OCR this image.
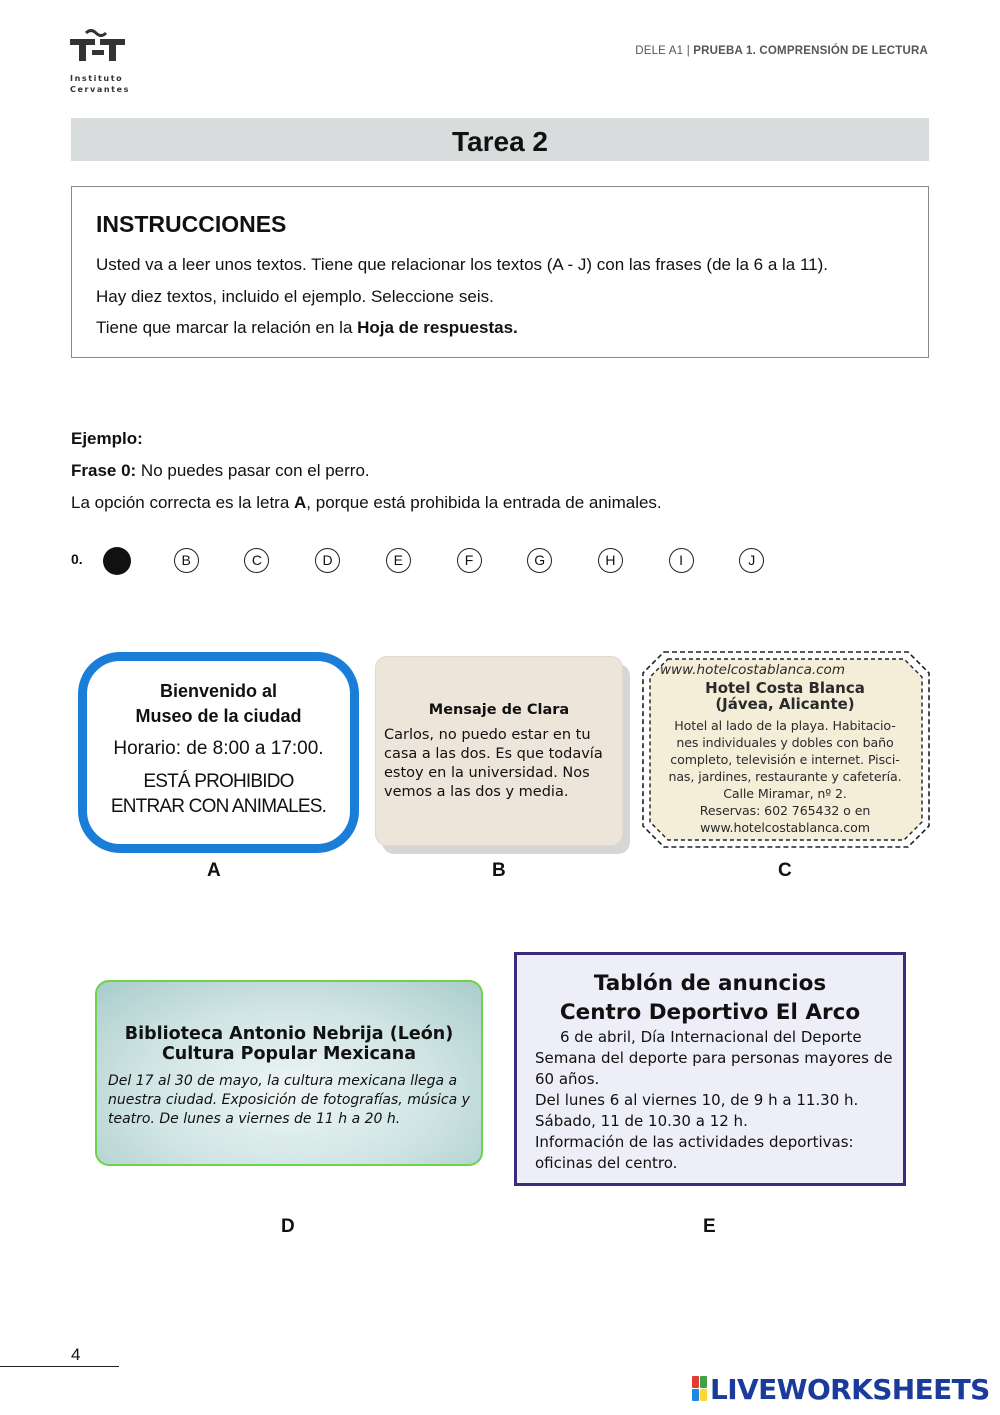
Instituto
Cervantes
DELE A1 | PRUEBA 1. COMPRENSIÓN DE LECTURA
Tarea 2
INSTRUCCIONES
Usted va a leer unos textos. Tiene que relacionar los textos (A - J) con las frases (de la 6 a la 11).
Hay diez textos, incluido el ejemplo. Seleccione seis.
Tiene que marcar la relación en la Hoja de respuestas.
Ejemplo:
Frase 0: No puedes pasar con el perro.
La opción correcta es la letra A, porque está prohibida la entrada de animales.
0.	A	B	C	D	E	F	G	H	I	J
Bienvenido al
Museo de la ciudad
Horario: de 8:00 a 17:00.
ESTÁ PROHIBIDO
ENTRAR CON ANIMALES.
A
Mensaje de Clara
Carlos, no puedo estar en tu casa a las dos. Es que todavía estoy en la universidad. Nos vemos a las dos y media.
B
www.hotelcostablanca.com
Hotel Costa Blanca
(Jávea, Alicante)
Hotel al lado de la playa. Habitacio-
nes individuales y dobles con baño
completo, televisión e internet. Pisci-
nas, jardines, restaurante y cafetería.
Calle Miramar, nº 2.
Reservas: 602 765432 o en
www.hotelcostablanca.com
C
Biblioteca Antonio Nebrija (León)
Cultura Popular Mexicana
Del 17 al 30 de mayo, la cultura mexicana llega a nuestra ciudad. Exposición de fotografías, música y teatro. De lunes a viernes de 11 h a 20 h.
D
Tablón de anuncios
Centro Deportivo El Arco
6 de abril, Día Internacional del Deporte
Semana del deporte para personas mayores de 60 años.
Del lunes 6 al viernes 10, de 9 h a 11.30 h.
Sábado, 11 de 10.30 a 12 h.
Información de las actividades deportivas: oficinas del centro.
E
4
LIVEWORKSHEETS
